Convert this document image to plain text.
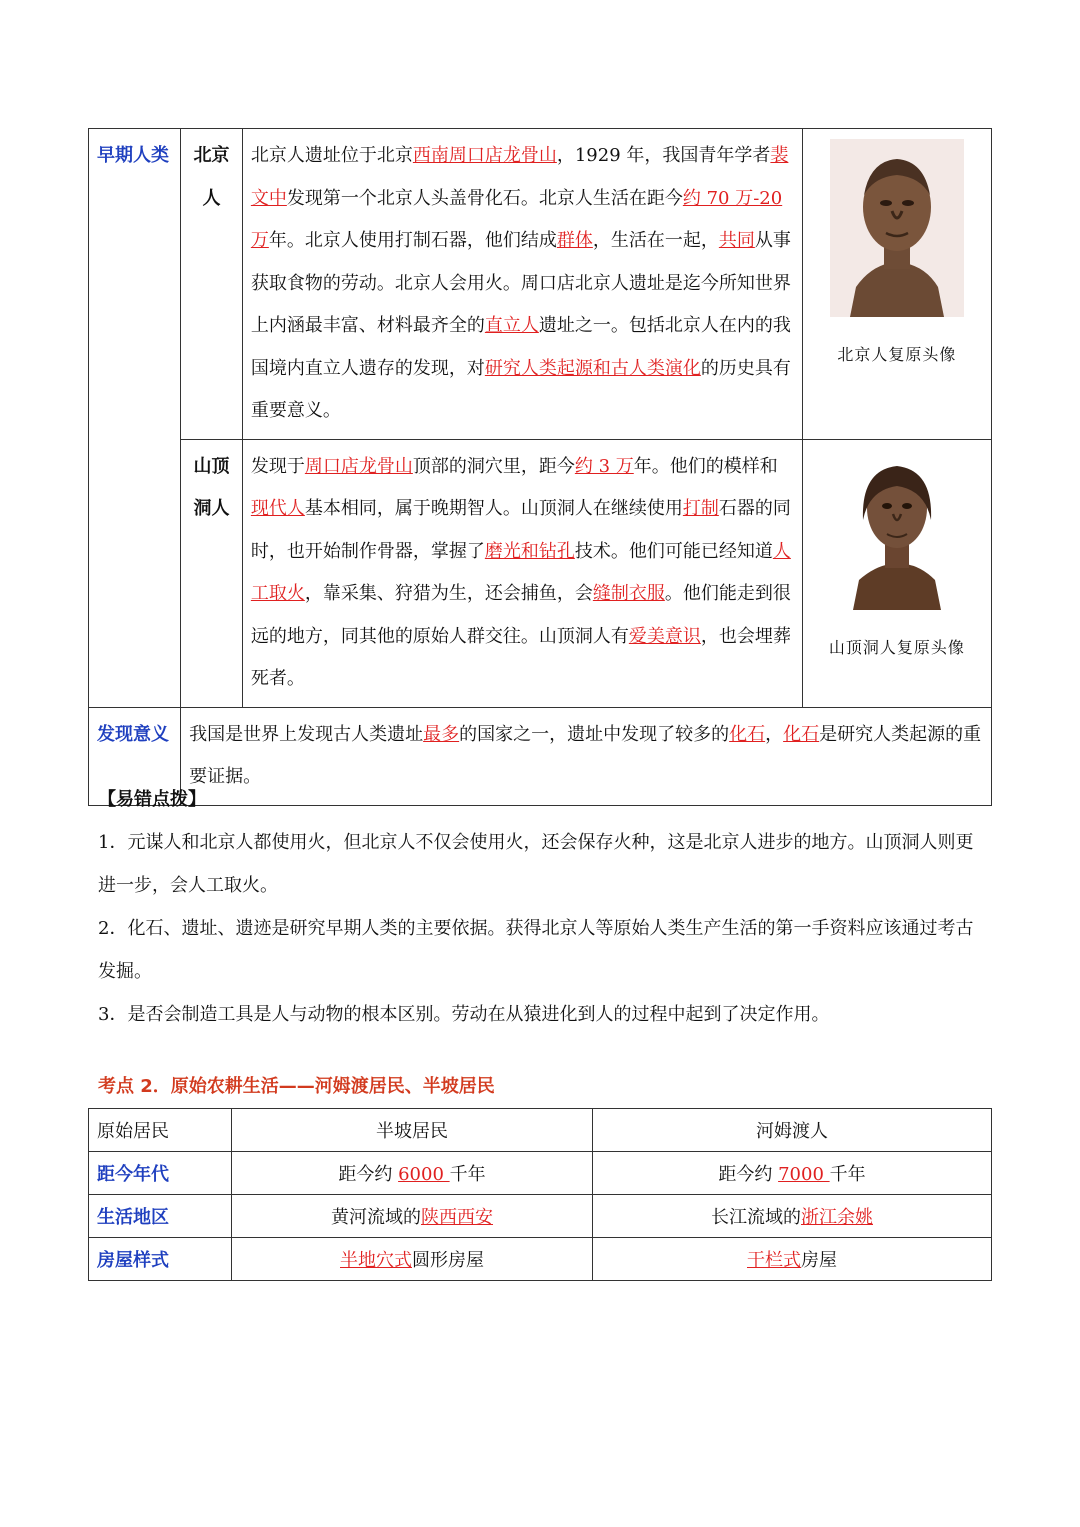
早期人类	北京人	北京人遗址位于北京西南周口店龙骨山，1929 年，我国青年学者裴文中发现第一个北京人头盖骨化石。北京人生活在距今约 70 万-20 万年。北京人使用打制石器，他们结成群体，生活在一起，共同从事获取食物的劳动。北京人会用火。周口店北京人遗址是迄今所知世界上内涵最丰富、材料最齐全的直立人遗址之一。包括北京人在内的我国境内直立人遗存的发现，对研究人类起源和古人类演化的历史具有重要意义。	北京人复原头像

	山顶洞人	发现于周口店龙骨山顶部的洞穴里，距今约 3 万年。他们的模样和现代人基本相同，属于晚期智人。山顶洞人在继续使用打制石器的同时，也开始制作骨器，掌握了磨光和钻孔技术。他们可能已经知道人工取火，靠采集、狩猎为生，还会捕鱼，会缝制衣服。他们能走到很远的地方，同其他的原始人群交往。山顶洞人有爱美意识，也会埋葬死者。	山顶洞人复原头像

发现意义	我国是世界上发现古人类遗址最多的国家之一，遗址中发现了较多的化石，化石是研究人类起源的重要证据。		

【易错点拨】

1．元谋人和北京人都使用火，但北京人不仅会使用火，还会保存火种，这是北京人进步的地方。山顶洞人则更进一步，会人工取火。

2．化石、遗址、遗迹是研究早期人类的主要依据。获得北京人等原始人类生产生活的第一手资料应该通过考古发掘。

3．是否会制造工具是人与动物的根本区别。劳动在从猿进化到人的过程中起到了决定作用。

考点 2．原始农耕生活——河姆渡居民、半坡居民
原始居民	半坡居民	河姆渡人
距今年代	距今约 6000 千年	距今约 7000 千年
生活地区	黄河流域的陕西西安	长江流域的浙江余姚
房屋样式	半地穴式圆形房屋	干栏式房屋
